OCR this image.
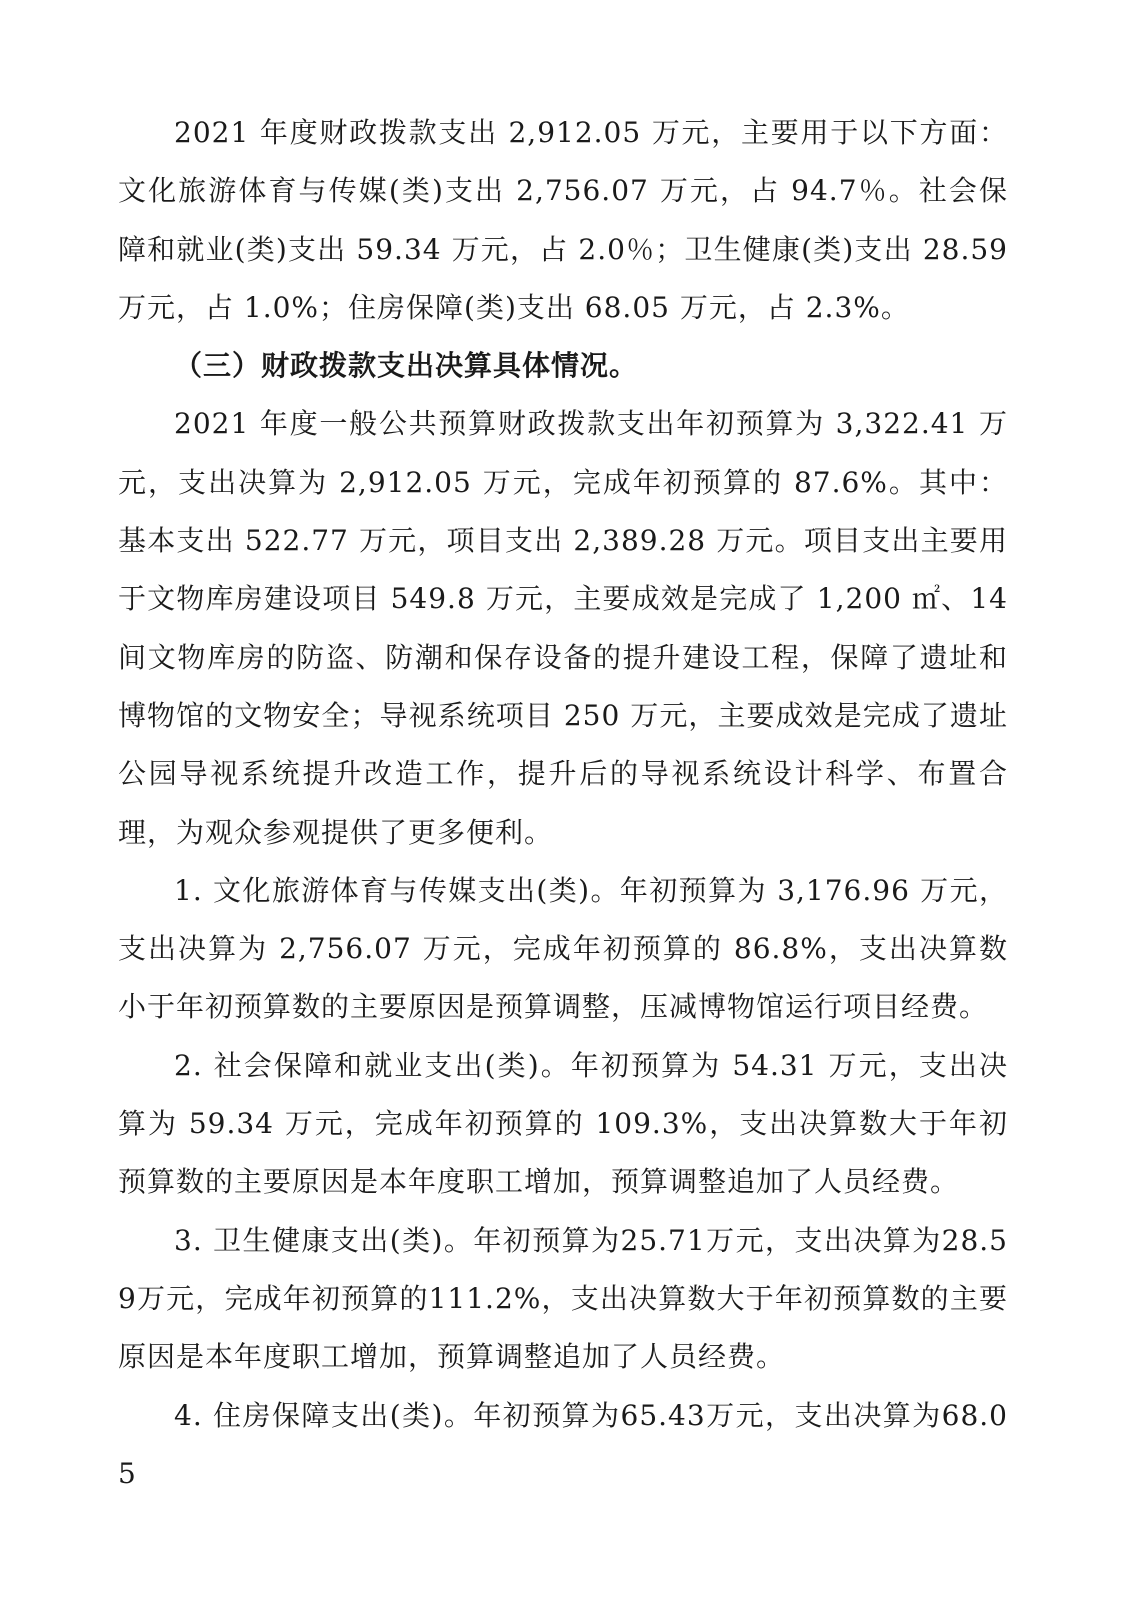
2021 年度财政拨款支出 2,912.05 万元，主要用于以下方面：文化旅游体育与传媒(类)支出 2,756.07 万元，占 94.7％。社会保障和就业(类)支出 59.34 万元，占 2.0％；卫生健康(类)支出 28.59 万元，占 1.0%；住房保障(类)支出 68.05 万元，占 2.3%。

（三）财政拨款支出决算具体情况。

2021 年度一般公共预算财政拨款支出年初预算为 3,322.41 万元，支出决算为 2,912.05 万元，完成年初预算的 87.6%。其中：基本支出 522.77 万元，项目支出 2,389.28 万元。项目支出主要用于文物库房建设项目 549.8 万元，主要成效是完成了 1,200 ㎡、14 间文物库房的防盗、防潮和保存设备的提升建设工程，保障了遗址和博物馆的文物安全；导视系统项目 250 万元，主要成效是完成了遗址公园导视系统提升改造工作，提升后的导视系统设计科学、布置合理，为观众参观提供了更多便利。

1. 文化旅游体育与传媒支出(类)。年初预算为 3,176.96 万元，支出决算为 2,756.07 万元，完成年初预算的 86.8%，支出决算数小于年初预算数的主要原因是预算调整，压减博物馆运行项目经费。

2. 社会保障和就业支出(类)。年初预算为 54.31 万元，支出决算为 59.34 万元，完成年初预算的 109.3%，支出决算数大于年初预算数的主要原因是本年度职工增加，预算调整追加了人员经费。

3. 卫生健康支出(类)。年初预算为25.71万元，支出决算为28.59万元，完成年初预算的111.2%，支出决算数大于年初预算数的主要原因是本年度职工增加，预算调整追加了人员经费。

4. 住房保障支出(类)。年初预算为65.43万元，支出决算为68.05
